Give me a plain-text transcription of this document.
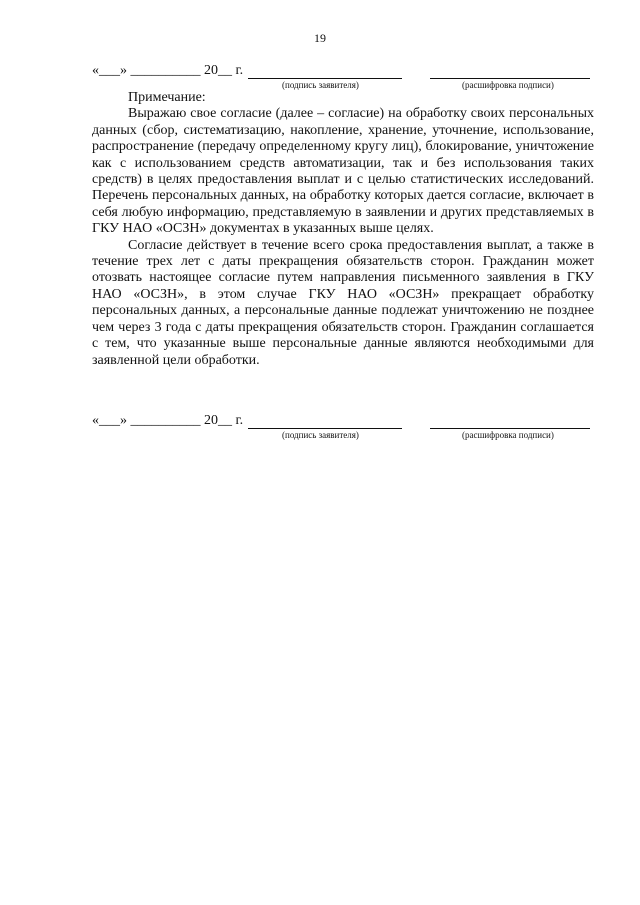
19
«___» __________ 20__ г.
(подпись заявителя)	(расшифровка подписи)
Примечание:

Выражаю свое согласие (далее – согласие) на обработку своих персональных данных (сбор, систематизацию, накопление, хранение, уточнение, использование, распространение (передачу определенному кругу лиц), блокирование, уничтожение как с использованием средств автоматизации, так и без использования таких средств) в целях предоставления выплат и с целью статистических исследований. Перечень персональных данных, на обработку которых дается согласие, включает в себя любую информацию, представляемую в заявлении и других представляемых в ГКУ НАО «ОСЗН» документах в указанных выше целях.

Согласие действует в течение всего срока предоставления выплат, а также в течение трех лет с даты прекращения обязательств сторон. Гражданин может отозвать настоящее согласие путем направления письменного заявления в ГКУ НАО «ОСЗН», в этом случае ГКУ НАО «ОСЗН» прекращает обработку персональных данных, а персональные данные подлежат уничтожению не позднее чем через 3 года с даты прекращения обязательств сторон. Гражданин соглашается с тем, что указанные выше персональные данные являются необходимыми для заявленной цели обработки.

«___» __________ 20__ г.
(подпись заявителя)	(расшифровка подписи)
